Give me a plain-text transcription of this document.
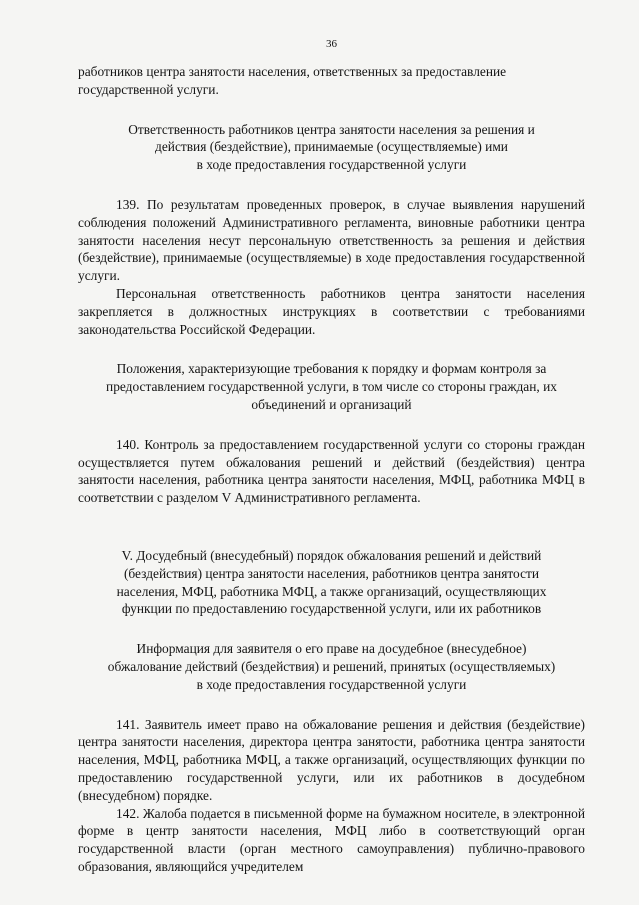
36

работников центра занятости населения, ответственных за предоставление
государственной услуги.

Ответственность работников центра занятости населения за решения и
действия (бездействие), принимаемые (осуществляемые) ими
в ходе предоставления государственной услуги

139. По результатам проведенных проверок, в случае выявления нарушений соблюдения положений Административного регламента, виновные работники центра занятости населения несут персональную ответственность за решения и действия (бездействие), принимаемые (осуществляемые) в ходе предоставления государственной услуги.

Персональная ответственность работников центра занятости населения закрепляется в должностных инструкциях в соответствии с требованиями законодательства Российской Федерации.

Положения, характеризующие требования к порядку и формам контроля за
предоставлением государственной услуги, в том числе со стороны граждан, их
объединений и организаций

140. Контроль за предоставлением государственной услуги со стороны граждан осуществляется путем обжалования решений и действий (бездействия) центра занятости населения, работника центра занятости населения, МФЦ, работника МФЦ в соответствии с разделом V Административного регламента.

V. Досудебный (внесудебный) порядок обжалования решений и действий
(бездействия) центра занятости населения, работников центра занятости
населения, МФЦ, работника МФЦ, а также организаций, осуществляющих
функции по предоставлению государственной услуги, или их работников
Информация для заявителя о его праве на досудебное (внесудебное)
обжалование действий (бездействия) и решений, принятых (осуществляемых)
в ходе предоставления государственной услуги

141. Заявитель имеет право на обжалование решения и действия (бездействие) центра занятости населения, директора центра занятости, работника центра занятости населения, МФЦ, работника МФЦ, а также организаций, осуществляющих функции по предоставлению государственной услуги, или их работников в досудебном (внесудебном) порядке.

142. Жалоба подается в письменной форме на бумажном носителе, в электронной форме в центр занятости населения, МФЦ либо в соответствующий орган государственной власти (орган местного самоуправления) публично-правового образования, являющийся учредителем
